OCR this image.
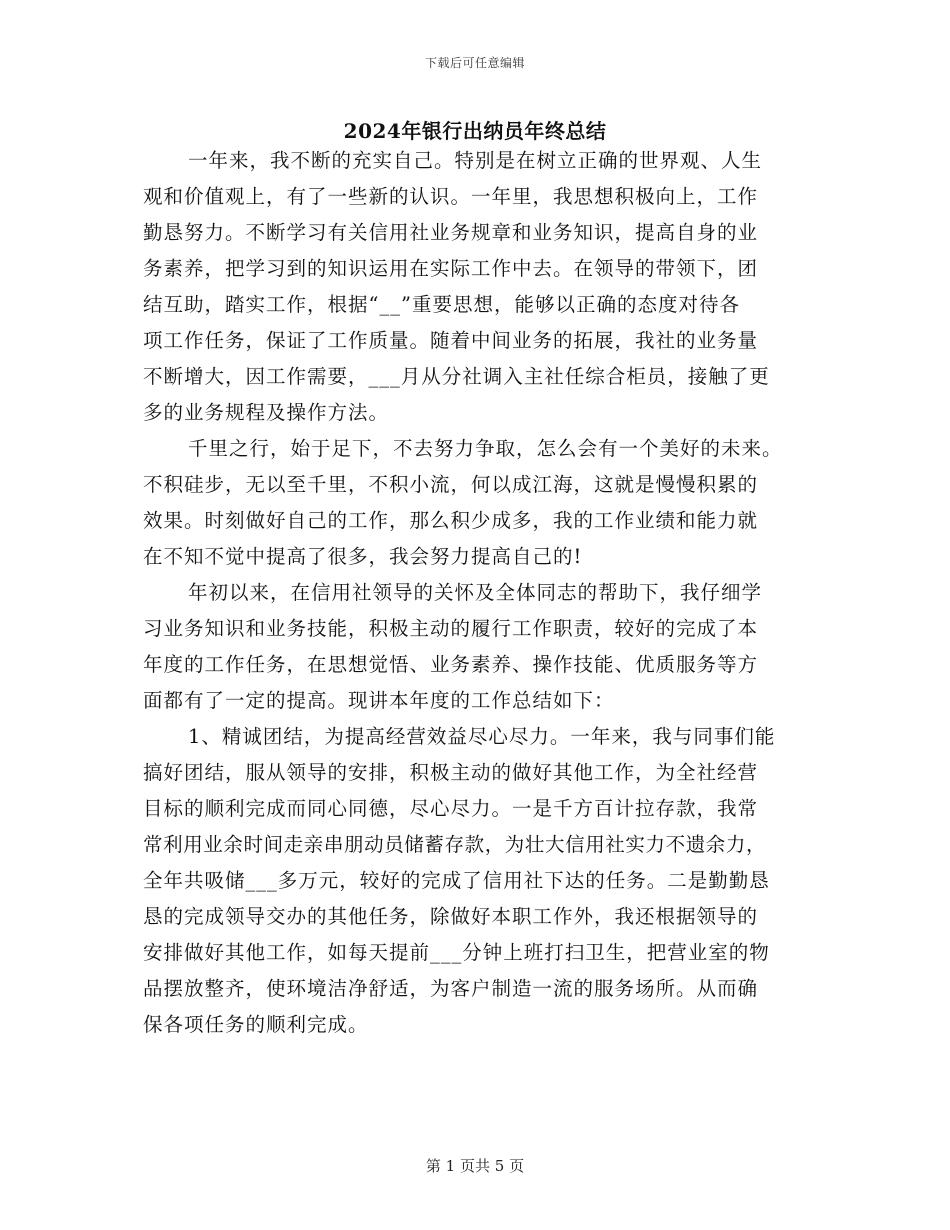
下载后可任意编辑
2024年银行出纳员年终总结
一年来，我不断的充实自己。特别是在树立正确的世界观、人生
观和价值观上，有了一些新的认识。一年里，我思想积极向上，工作
勤恳努力。不断学习有关信用社业务规章和业务知识，提高自身的业
务素养，把学习到的知识运用在实际工作中去。在领导的带领下，团
结互助，踏实工作，根据“__”重要思想，能够以正确的态度对待各
项工作任务，保证了工作质量。随着中间业务的拓展，我社的业务量
不断增大，因工作需要，___月从分社调入主社任综合柜员，接触了更
多的业务规程及操作方法。
千里之行，始于足下，不去努力争取，怎么会有一个美好的未来。
不积硅步，无以至千里，不积小流，何以成江海，这就是慢慢积累的
效果。时刻做好自己的工作，那么积少成多，我的工作业绩和能力就
在不知不觉中提高了很多，我会努力提高自己的!
年初以来，在信用社领导的关怀及全体同志的帮助下，我仔细学
习业务知识和业务技能，积极主动的履行工作职责，较好的完成了本
年度的工作任务，在思想觉悟、业务素养、操作技能、优质服务等方
面都有了一定的提高。现讲本年度的工作总结如下：
1、精诚团结，为提高经营效益尽心尽力。一年来，我与同事们能
搞好团结，服从领导的安排，积极主动的做好其他工作，为全社经营
目标的顺利完成而同心同德，尽心尽力。一是千方百计拉存款，我常
常利用业余时间走亲串朋动员储蓄存款，为壮大信用社实力不遗余力，
全年共吸储___多万元，较好的完成了信用社下达的任务。二是勤勤恳
恳的完成领导交办的其他任务，除做好本职工作外，我还根据领导的
安排做好其他工作，如每天提前___分钟上班打扫卫生，把营业室的物
品摆放整齐，使环境洁净舒适，为客户制造一流的服务场所。从而确
保各项任务的顺利完成。
第 1 页共 5 页
